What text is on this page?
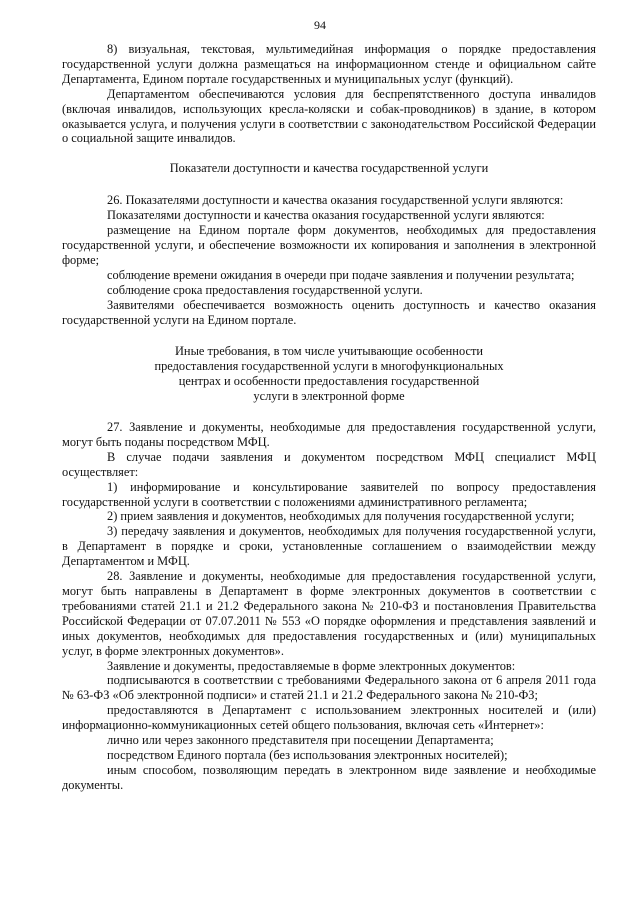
94

8) визуальная, текстовая, мультимедийная информация о порядке предоставления государственной услуги должна размещаться на информационном стенде и официальном сайте Департамента, Едином портале государственных и муниципальных услуг (функций).

Департаментом обеспечиваются условия для беспрепятственного доступа инвалидов (включая инвалидов, использующих кресла-коляски и собак-проводников) в здание, в котором оказывается услуга, и получения услуги в соответствии с законодательством Российской Федерации о социальной защите инвалидов.

Показатели доступности и качества государственной услуги

26. Показателями доступности и качества оказания государственной услуги являются:

Показателями доступности и качества оказания государственной услуги являются:

размещение на Едином портале форм документов, необходимых для предоставления государственной услуги, и обеспечение возможности их копирования и заполнения в электронной форме;

соблюдение времени ожидания в очереди при подаче заявления и получении результата;

соблюдение срока предоставления государственной услуги.

Заявителями обеспечивается возможность оценить доступность и качество оказания государственной услуги на Едином портале.

Иные требования, в том числе учитывающие особенности
предоставления государственной услуги в многофункциональных
центрах и особенности предоставления государственной
услуги в электронной форме

27. Заявление и документы, необходимые для предоставления государственной услуги, могут быть поданы посредством МФЦ.

В случае подачи заявления и документом посредством МФЦ специалист МФЦ осуществляет:

1) информирование и консультирование заявителей по вопросу предоставления государственной услуги в соответствии с положениями административного регламента;

2) прием заявления и документов, необходимых для получения государственной услуги;

3) передачу заявления и документов, необходимых для получения государственной услуги, в Департамент в порядке и сроки, установленные соглашением о взаимодействии между Департаментом и МФЦ.

28. Заявление и документы, необходимые для предоставления государственной услуги, могут быть направлены в Департамент в форме электронных документов в соответствии с требованиями статей 21.1 и 21.2 Федерального закона № 210-ФЗ и постановления Правительства Российской Федерации от 07.07.2011 № 553 «О порядке оформления и представления заявлений и иных документов, необходимых для предоставления государственных и (или) муниципальных услуг, в форме электронных документов».

Заявление и документы, предоставляемые в форме электронных документов:

подписываются в соответствии с требованиями Федерального закона от 6 апреля 2011 года № 63-ФЗ «Об электронной подписи» и статей 21.1 и 21.2 Федерального закона № 210-ФЗ;

предоставляются в Департамент с использованием электронных носителей и (или) информационно-коммуникационных сетей общего пользования, включая сеть «Интернет»:

лично или через законного представителя при посещении Департамента;

посредством Единого портала (без использования электронных носителей);

иным способом, позволяющим передать в электронном виде заявление и необходимые документы.
